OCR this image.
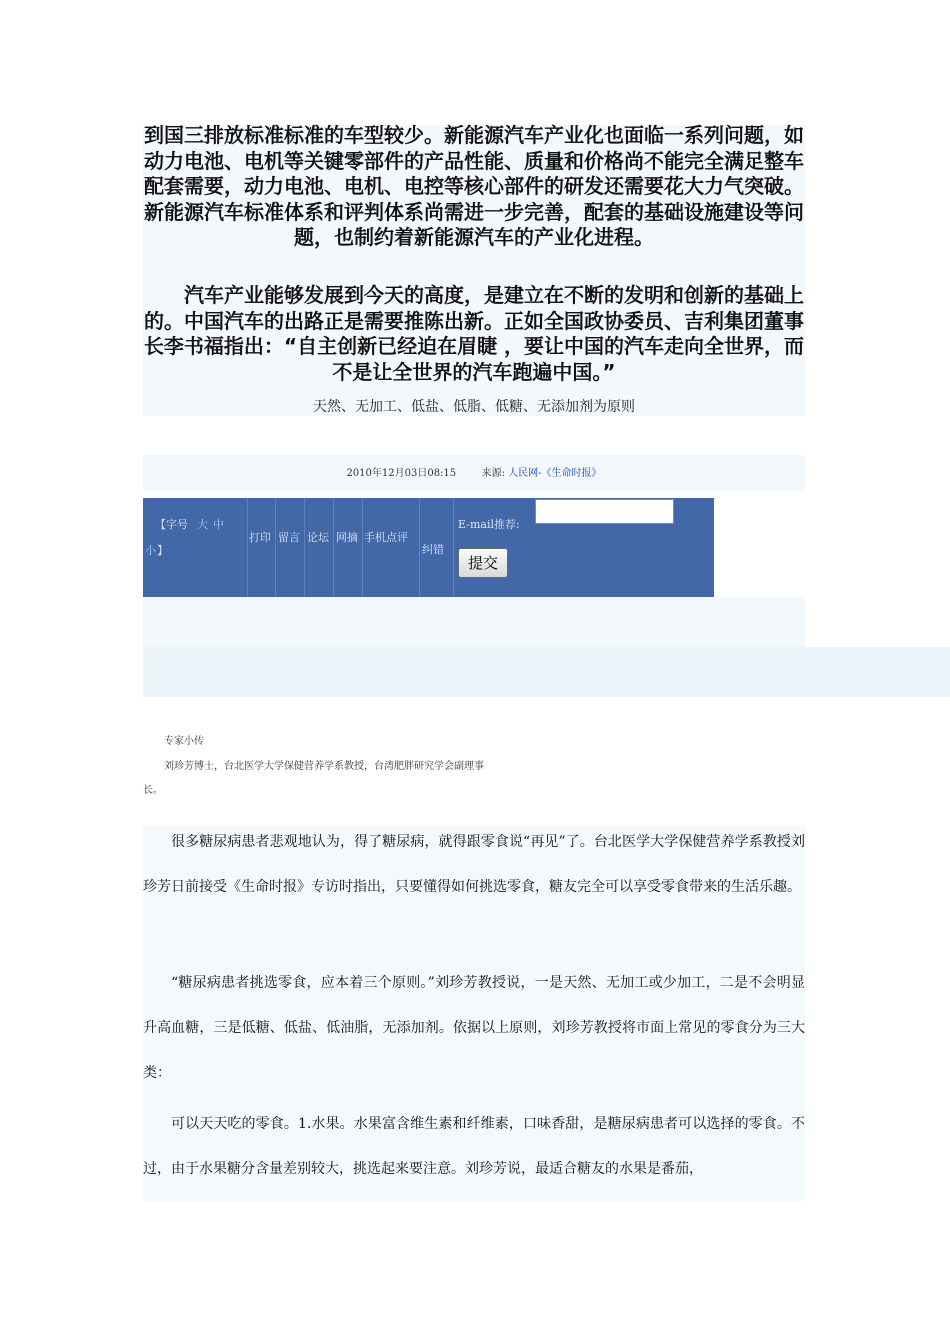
到国三排放标准标准的车型较少。新能源汽车产业化也面临一系列问题，如动力电池、电机等关键零部件的产品性能、质量和价格尚不能完全满足整车配套需要，动力电池、电机、电控等核心部件的研发还需要花大力气突破。新能源汽车标准体系和评判体系尚需进一步完善，配套的基础设施建设等问题，也制约着新能源汽车的产业化进程。
汽车产业能够发展到今天的高度，是建立在不断的发明和创新的基础上的。中国汽车的出路正是需要推陈出新。正如全国政协委员、吉利集团董事长李书福指出：“自主创新已经迫在眉睫 ，要让中国的汽车走向全世界，而不是让全世界的汽车跑遍中国。”
天然、无加工、低盐、低脂、低糖、无添加剂为原则
2010年12月03日08:15	来源: 人民网-《生命时报》
【字号 大 中
小 】
打印 留言 论坛 网摘 手机点评
纠错
E-mail推荐:
提交
专家小传
刘珍芳博士，台北医学大学保健营养学系教授，台湾肥胖研究学会副理事
长。
很多糖尿病患者悲观地认为，得了糖尿病，就得跟零食说“再见”了。台北医学大学保健营养学系教授刘珍芳日前接受《生命时报》专访时指出，只要懂得如何挑选零食，糖友完全可以享受零食带来的生活乐趣。
“糖尿病患者挑选零食，应本着三个原则。”刘珍芳教授说，一是天然、无加工或少加工，二是不会明显升高血糖，三是低糖、低盐、低油脂，无添加剂。依据以上原则，刘珍芳教授将市面上常见的零食分为三大类：
可以天天吃的零食。1.水果。水果富含维生素和纤维素，口味香甜，是糖尿病患者可以选择的零食。不过，由于水果糖分含量差别较大，挑选起来要注意。刘珍芳说，最适合糖友的水果是番茄，
